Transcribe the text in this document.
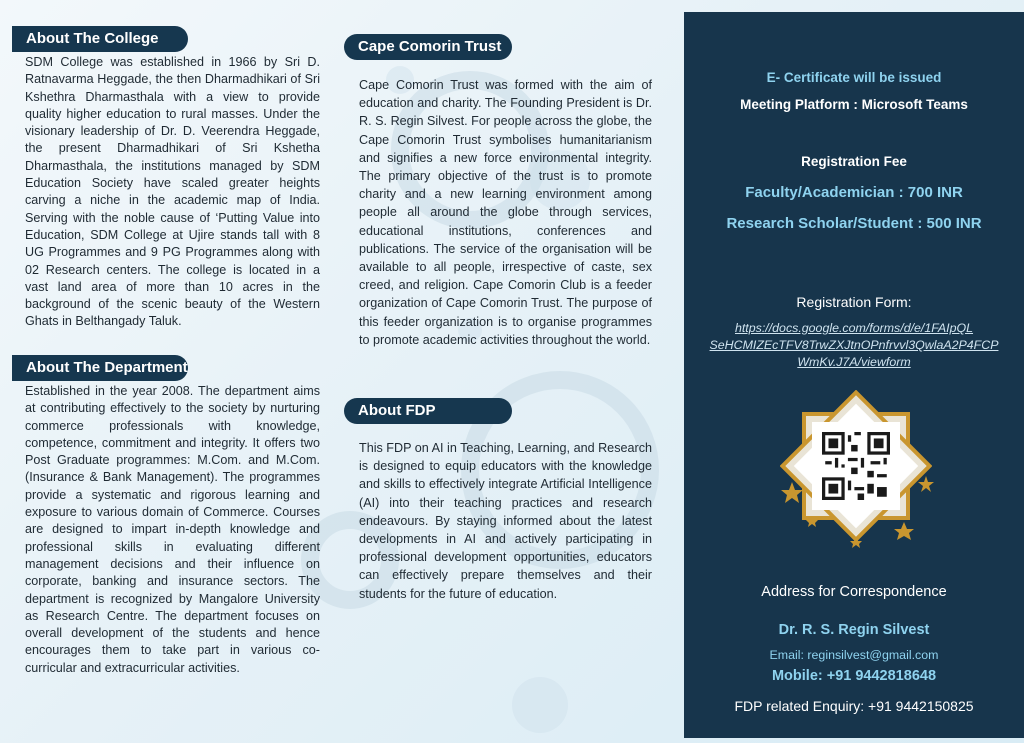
About The College
SDM College was established in 1966 by Sri D. Ratnavarma Heggade, the then Dharmadhikari of Sri Kshethra Dharmasthala with a view to provide quality higher education to rural masses. Under the visionary leadership of Dr. D. Veerendra Heggade, the present Dharmadhikari of Sri Kshetha Dharmasthala, the institutions managed by SDM Education Society have scaled greater heights carving a niche in the academic map of India. Serving with the noble cause of ‘Putting Value into Education, SDM College at Ujire stands tall with 8 UG Programmes and 9 PG Programmes along with 02 Research centers. The college is located in a vast land area of more than 10 acres in the background of the scenic beauty of the Western Ghats in Belthangady Taluk.
About The Department
Established in the year 2008. The department aims at contributing effectively to the society by nurturing commerce professionals with knowledge, competence, commitment and integrity. It offers two Post Graduate programmes: M.Com. and M.Com. (Insurance & Bank Management). The programmes provide a systematic and rigorous learning and exposure to various domain of Commerce. Courses are designed to impart in-depth knowledge and professional skills in evaluating different management decisions and their influence on corporate, banking and insurance sectors. The department is recognized by Mangalore University as Research Centre. The department focuses on overall development of the students and hence encourages them to take part in various co- curricular and extracurricular activities.
Cape Comorin Trust
Cape Comorin Trust was formed with the aim of education and charity. The Founding President is Dr. R. S. Regin Silvest. For people across the globe, the Cape Comorin Trust symbolises humanitarianism and signifies a new force environmental integrity. The primary objective of the trust is to promote charity and a new learning environment among people all around the globe through services, educational institutions, conferences and publications. The service of the organisation will be available to all people, irrespective of caste, sex creed, and religion. Cape Comorin Club is a feeder organization of Cape Comorin Trust. The purpose of this feeder organization is to organise programmes to promote academic activities throughout the world.
About FDP
This FDP on AI in Teaching, Learning, and Research is designed to equip educators with the knowledge and skills to effectively integrate Artificial Intelligence (AI) into their teaching practices and research endeavours. By staying informed about the latest developments in AI and actively participating in professional development opportunities, educators can effectively prepare themselves and their students for the future of education.
E- Certificate will be issued
Meeting Platform : Microsoft Teams
Registration Fee
Faculty/Academician : 700 INR
Research Scholar/Student : 500 INR
Registration Form:
https://docs.google.com/forms/d/e/1FAIpQL
SeHCMIZEcTFV8TrwZXJtnOPnfrvvl3QwlaA2P4FCP
WmKv.J7A/viewform
Address for Correspondence
Dr. R. S. Regin Silvest
Email: reginsilvest@gmail.com
Mobile: +91 9442818648
FDP related Enquiry: +91 9442150825
